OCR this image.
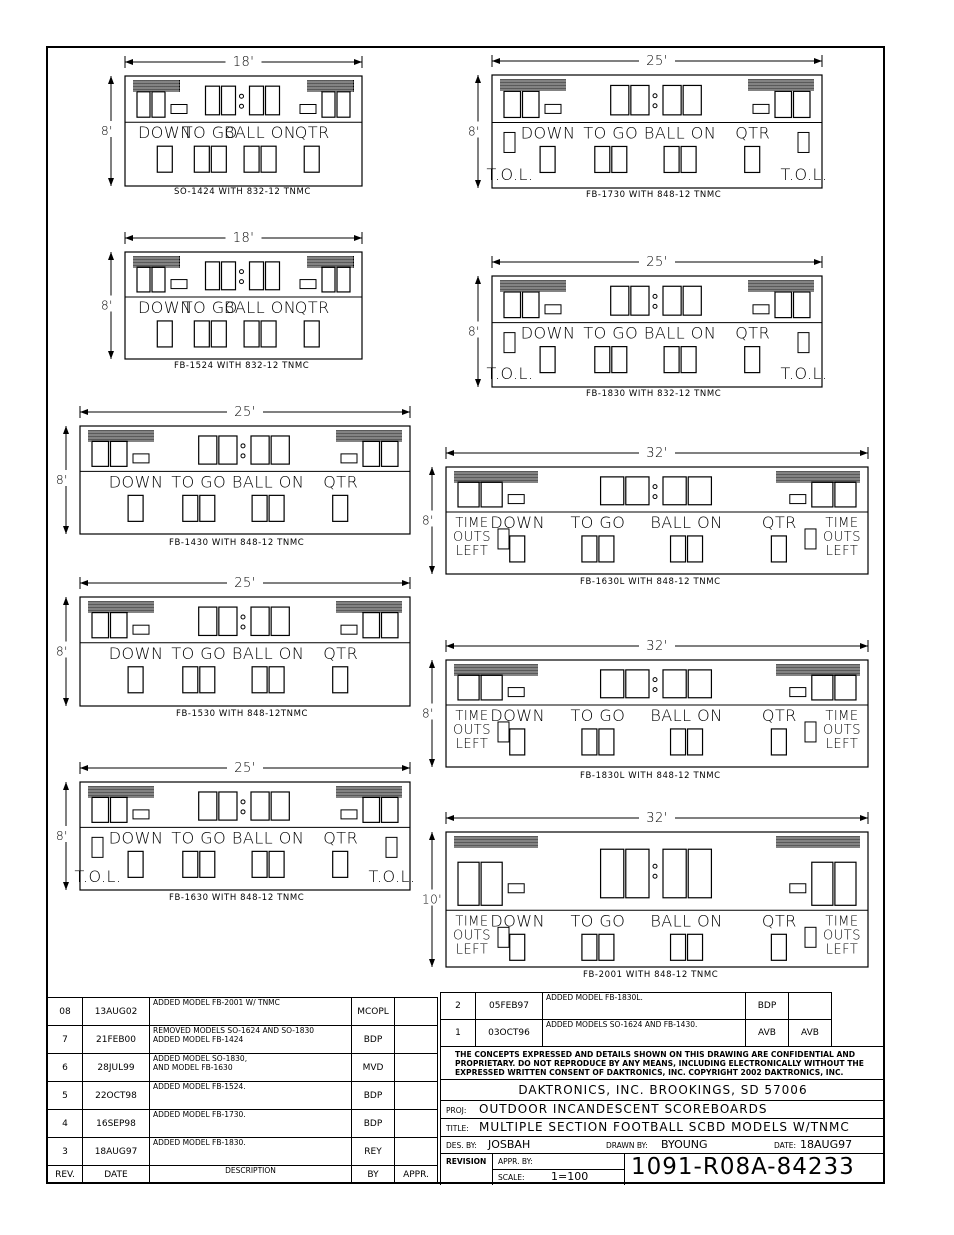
18'
8' DOWN
TO GO
BALL ON
QTR
25'
8'	DOWN TO GO BALL ON QTR
T.O.L.	T.O.L.
18'
8' DOWN
TO GO
BALL ON
QTR
25'
8'	DOWN TO GO BALL ON QTR
T.O.L.	T.O.L.
25'
8'	DOWN TO GO BALL ON QTR
32'
8'	DOWN TO GO BALL ON QTR
TIME	TIME
OUTS	OUTS
LEFT	LEFT
25'
8'	DOWN TO GO BALL ON QTR	32'
8'	DOWN TO GO BALL ON QTR
TIME	TIME
OUTS	OUTS
LEFT	LEFT
25'
8'	DOWN TO GO BALL ON QTR
T.O.L.	T.O.L.
32'
10'
DOWN TO GO BALL ON QTR
TIME	TIME
OUTS	OUTS
LEFT	LEFT
SO-1424 WITH 832-12 TNMC	FB-1730 WITH 848-12 TNMC
FB-1524 WITH 832-12 TNMC
FB-1830 WITH 832-12 TNMC
FB-1430 WITH 848-12 TNMC
FB-1630L WITH 848-12 TNMC
FB-1530 WITH 848-12TNMC
FB-1830L WITH 848-12 TNMC
FB-1630 WITH 848-12 TNMC
FB-2001 WITH 848-12 TNMC
08	13AUG02	ADDED MODEL FB-2001 W/ TNMC	MCOPL	
7	21FEB00	REMOVED MODELS SO-1624 AND SO-1830
ADDED MODEL FB-1424	BDP	
6	28JUL99	ADDED MODEL SO-1830,
AND MODEL FB-1630	MVD	
5	22OCT98	ADDED MODEL FB-1524.	BDP	
4	16SEP98	ADDED MODEL FB-1730.	BDP	
3	18AUG97	ADDED MODEL FB-1830.	REY	
REV.	DATE	DESCRIPTION	BY	APPR.
2	05FEB97	ADDED MODEL FB-1830L.	BDP	
1	03OCT96	ADDED MODELS SO-1624 AND FB-1430.	AVB	AVB
THE CONCEPTS EXPRESSED AND DETAILS SHOWN ON THIS DRAWING ARE CONFIDENTIAL AND PROPRIETARY. DO NOT REPRODUCE BY ANY MEANS, INCLUDING ELECTRONICALLY WITHOUT THE EXPRESSED WRITTEN CONSENT OF DAKTRONICS, INC. COPYRIGHT 2002 DAKTRONICS, INC.
DAKTRONICS, INC. BROOKINGS, SD 57006
PROJ: OUTDOOR INCANDESCENT SCOREBOARDS
TITLE: MULTIPLE SECTION FOOTBALL SCBD MODELS W/TNMC
DES. BY: JOSBAH	DRAWN BY: BYOUNG	DATE: 18AUG97
REVISION APPR. BY:
SCALE: 1=100 1091-R08A-84233
